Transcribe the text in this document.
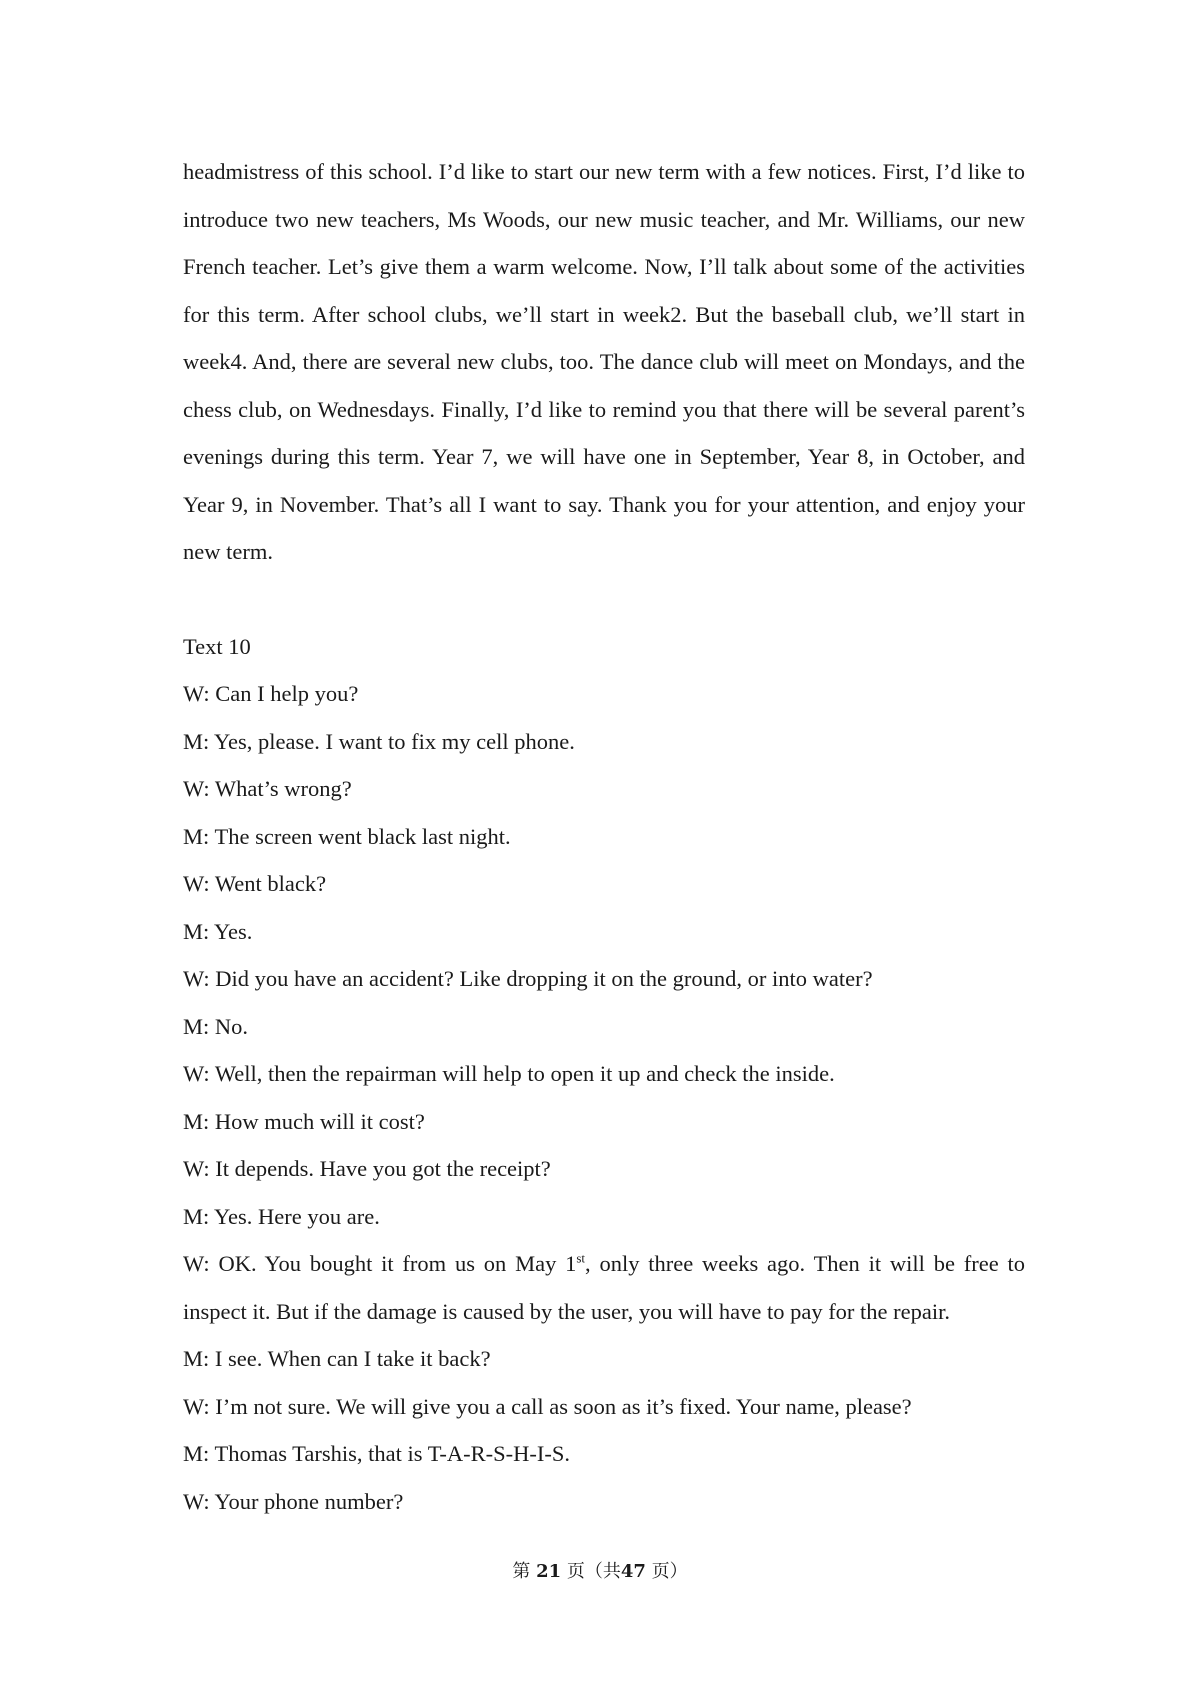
headmistress of this school. I’d like to start our new term with a few notices. First, I’d like to introduce two new teachers, Ms Woods, our new music teacher, and Mr. Williams, our new French teacher. Let’s give them a warm welcome. Now, I’ll talk about some of the activities for this term. After school clubs, we’ll start in week2. But the baseball club, we’ll start in week4. And, there are several new clubs, too. The dance club will meet on Mondays, and the chess club, on Wednesdays. Finally, I’d like to remind you that there will be several parent’s evenings during this term. Year 7, we will have one in September, Year 8, in October, and Year 9, in November. That’s all I want to say. Thank you for your attention, and enjoy your new term.

Text 10

W: Can I help you?

M: Yes, please. I want to fix my cell phone.

W: What’s wrong?

M: The screen went black last night.

W: Went black?

M: Yes.

W: Did you have an accident? Like dropping it on the ground, or into water?

M: No.

W: Well, then the repairman will help to open it up and check the inside.

M: How much will it cost?

W: It depends. Have you got the receipt?

M: Yes. Here you are.

W: OK. You bought it from us on May 1st, only three weeks ago. Then it will be free to inspect it. But if the damage is caused by the user, you will have to pay for the repair.

M: I see. When can I take it back?

W: I’m not sure. We will give you a call as soon as it’s fixed. Your name, please?

M: Thomas Tarshis, that is T-A-R-S-H-I-S.

W: Your phone number?

第 21 页（共47 页）
